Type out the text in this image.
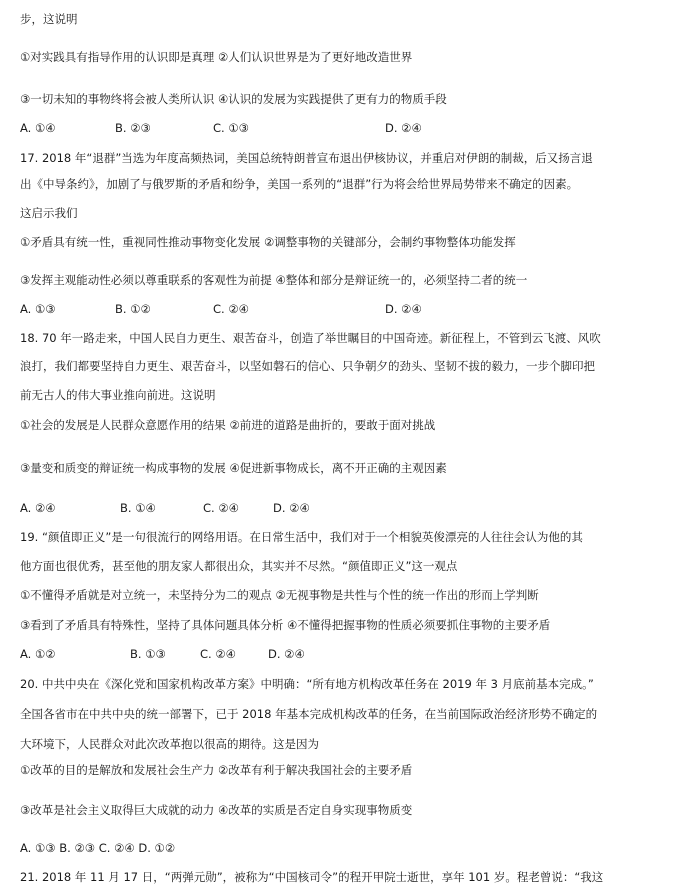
步，这说明
①对实践具有指导作用的认识即是真理 ②人们认识世界是为了更好地改造世界
③一切未知的事物终将会被人类所认识 ④认识的发展为实践提供了更有力的物质手段
A. ①④	B. ②③	C. ①③	D. ②④
17. 2018 年“退群”当选为年度高频热词，美国总统特朗普宣布退出伊核协议，并重启对伊朗的制裁，后又扬言退
出《中导条约》，加剧了与俄罗斯的矛盾和纷争，美国一系列的“退群”行为将会给世界局势带来不确定的因素。
这启示我们
①矛盾具有统一性，重视同性推动事物变化发展 ②调整事物的关键部分，会制约事物整体功能发挥
③发挥主观能动性必须以尊重联系的客观性为前提 ④整体和部分是辩证统一的，必须坚持二者的统一
A. ①③	B. ①②	C. ②④	D. ②④
18. 70 年一路走来，中国人民自力更生、艰苦奋斗，创造了举世瞩目的中国奇迹。新征程上，不管到云飞渡、风吹
浪打，我们都要坚持自力更生、艰苦奋斗，以坚如磐石的信心、只争朝夕的劲头、坚韧不拔的毅力，一步个脚印把
前无古人的伟大事业推向前进。这说明
①社会的发展是人民群众意愿作用的结果 ②前进的道路是曲折的，要敢于面对挑战
③量变和质变的辩证统一构成事物的发展 ④促进新事物成长，离不开正确的主观因素
A. ②④	B. ①④	C. ②④	D. ②④
19. “颜值即正义”是一句很流行的网络用语。在日常生活中，我们对于一个相貌英俊漂亮的人往往会认为他的其
他方面也很优秀，甚至他的朋友家人都很出众，其实并不尽然。“颜值即正义”这一观点
①不懂得矛盾就是对立统一，未坚持分为二的观点 ②无视事物是共性与个性的统一作出的形而上学判断
③看到了矛盾具有特殊性，坚持了具体问题具体分析 ④不懂得把握事物的性质必须要抓住事物的主要矛盾
A. ①②	B. ①③	C. ②④	D. ②④
20. 中共中央在《深化党和国家机构改革方案》中明确：“所有地方机构改革任务在 2019 年 3 月底前基本完成。”
全国各省市在中共中央的统一部署下，已于 2018 年基本完成机构改革的任务，在当前国际政治经济形势不确定的
大环境下，人民群众对此次改革抱以很高的期待。这是因为
①改革的目的是解放和发展社会生产力 ②改革有利于解决我国社会的主要矛盾
③改革是社会主义取得巨大成就的动力 ④改革的实质是否定自身实现事物质变
A. ①③ B. ②③ C. ②④ D. ①②
21. 2018 年 11 月 17 日，“两弹元勋”，被称为“中国核司令”的程开甲院士逝世，享年 101 岁。程老曾说：“我这
